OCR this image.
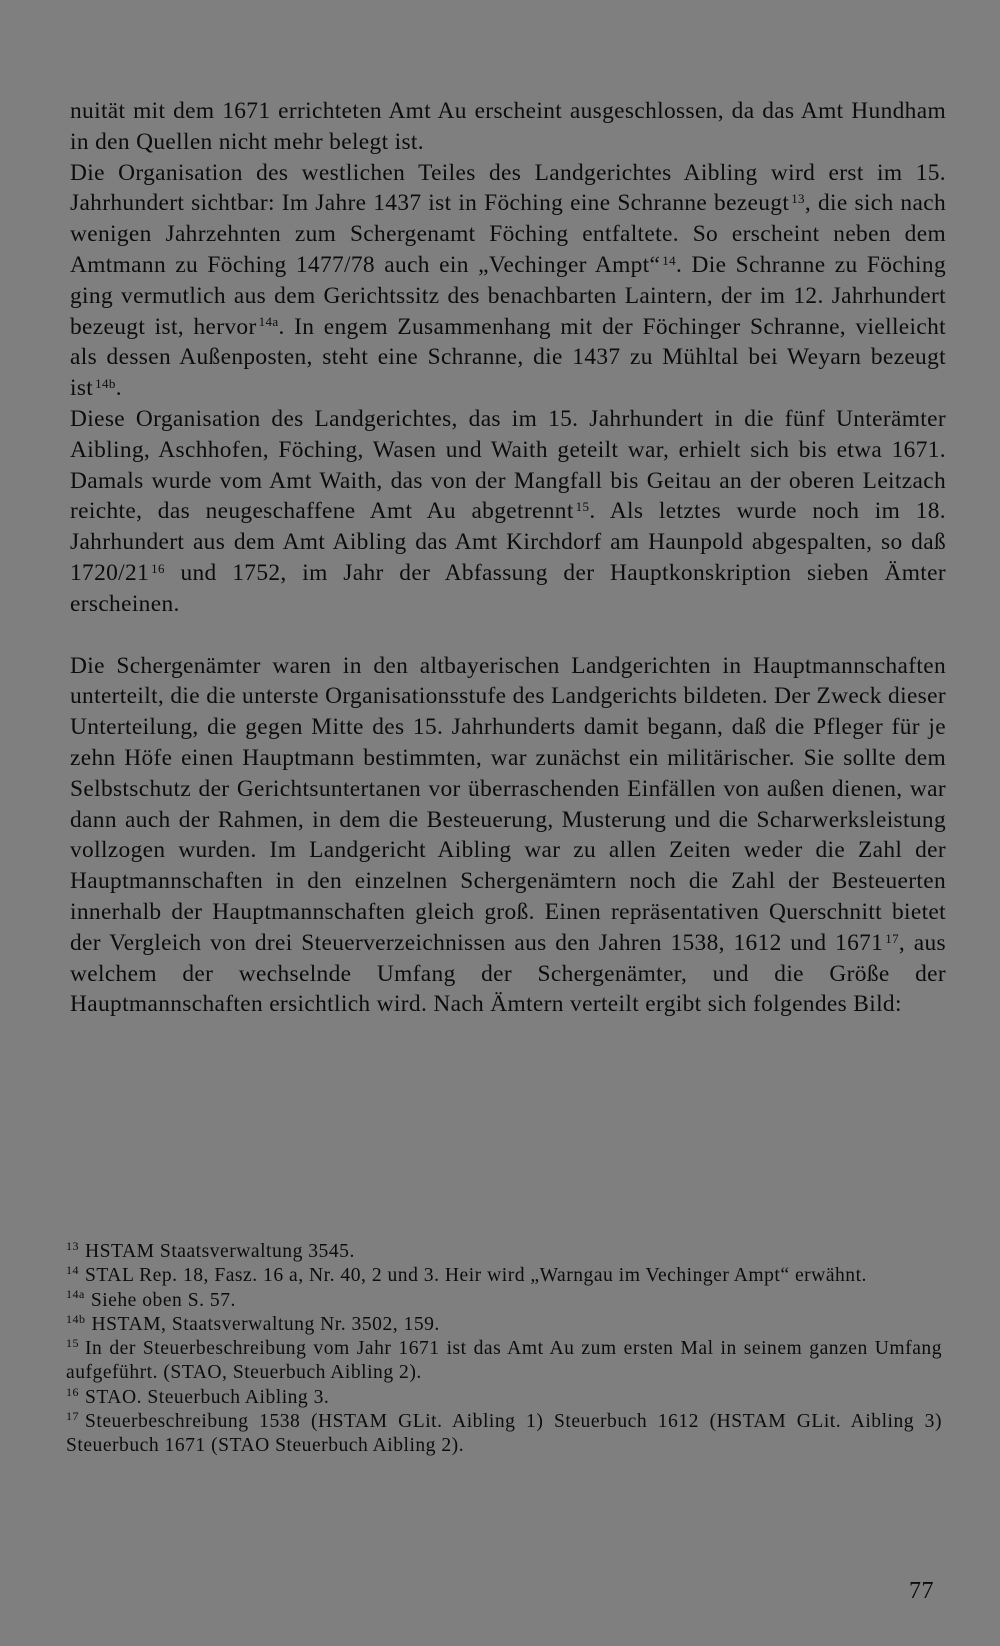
nuität mit dem 1671 errichteten Amt Au erscheint ausgeschlossen, da das Amt Hundham in den Quellen nicht mehr belegt ist.

Die Organisation des westlichen Teiles des Landgerichtes Aibling wird erst im 15. Jahrhundert sichtbar: Im Jahre 1437 ist in Föching eine Schranne bezeugt $^{13}$, die sich nach wenigen Jahrzehnten zum Schergenamt Föching entfaltete. So erscheint neben dem Amtmann zu Föching 1477/78 auch ein „Vechinger Ampt“ $^{14}$. Die Schranne zu Föching ging vermutlich aus dem Gerichtssitz des benachbarten Laintern, der im 12. Jahrhundert bezeugt ist, hervor $^{14a}$. In engem Zusammenhang mit der Föchinger Schranne, vielleicht als dessen Außenposten, steht eine Schranne, die 1437 zu Mühltal bei Weyarn bezeugt ist $^{14b}$.

Diese Organisation des Landgerichtes, das im 15. Jahrhundert in die fünf Unterämter Aibling, Aschhofen, Föching, Wasen und Waith geteilt war, erhielt sich bis etwa 1671. Damals wurde vom Amt Waith, das von der Mangfall bis Geitau an der oberen Leitzach reichte, das neugeschaffene Amt Au abgetrennt $^{15}$. Als letztes wurde noch im 18. Jahrhundert aus dem Amt Aibling das Amt Kirchdorf am Haunpold abgespalten, so daß 1720/21 $^{16}$ und 1752, im Jahr der Abfassung der Hauptkonskription sieben Ämter erscheinen.

Die Schergenämter waren in den altbayerischen Landgerichten in Hauptmannschaften unterteilt, die die unterste Organisationsstufe des Landgerichts bildeten. Der Zweck dieser Unterteilung, die gegen Mitte des 15. Jahrhunderts damit begann, daß die Pfleger für je zehn Höfe einen Hauptmann bestimmten, war zunächst ein militärischer. Sie sollte dem Selbstschutz der Gerichtsuntertanen vor überraschenden Einfällen von außen dienen, war dann auch der Rahmen, in dem die Besteuerung, Musterung und die Scharwerksleistung vollzogen wurden. Im Landgericht Aibling war zu allen Zeiten weder die Zahl der Hauptmannschaften in den einzelnen Schergenämtern noch die Zahl der Besteuerten innerhalb der Hauptmannschaften gleich groß. Einen repräsentativen Querschnitt bietet der Vergleich von drei Steuerverzeichnissen aus den Jahren 1538, 1612 und 1671 $^{17}$, aus welchem der wechselnde Umfang der Schergenämter, und die Größe der Hauptmannschaften ersichtlich wird. Nach Ämtern verteilt ergibt sich folgendes Bild:

$^{13}$ HSTAM Staatsverwaltung 3545.

$^{14}$ STAL Rep. 18, Fasz. 16 a, Nr. 40, 2 und 3. Heir wird „Warngau im Vechinger Ampt“ erwähnt.

$^{14a}$ Siehe oben S. 57.

$^{14b}$ HSTAM, Staatsverwaltung Nr. 3502, 159.

$^{15}$ In der Steuerbeschreibung vom Jahr 1671 ist das Amt Au zum ersten Mal in seinem ganzen Umfang aufgeführt. (STAO, Steuerbuch Aibling 2).

$^{16}$ STAO. Steuerbuch Aibling 3.

$^{17}$ Steuerbeschreibung 1538 (HSTAM GLit. Aibling 1) Steuerbuch 1612 (HSTAM GLit. Aibling 3) Steuerbuch 1671 (STAO Steuerbuch Aibling 2).

77
